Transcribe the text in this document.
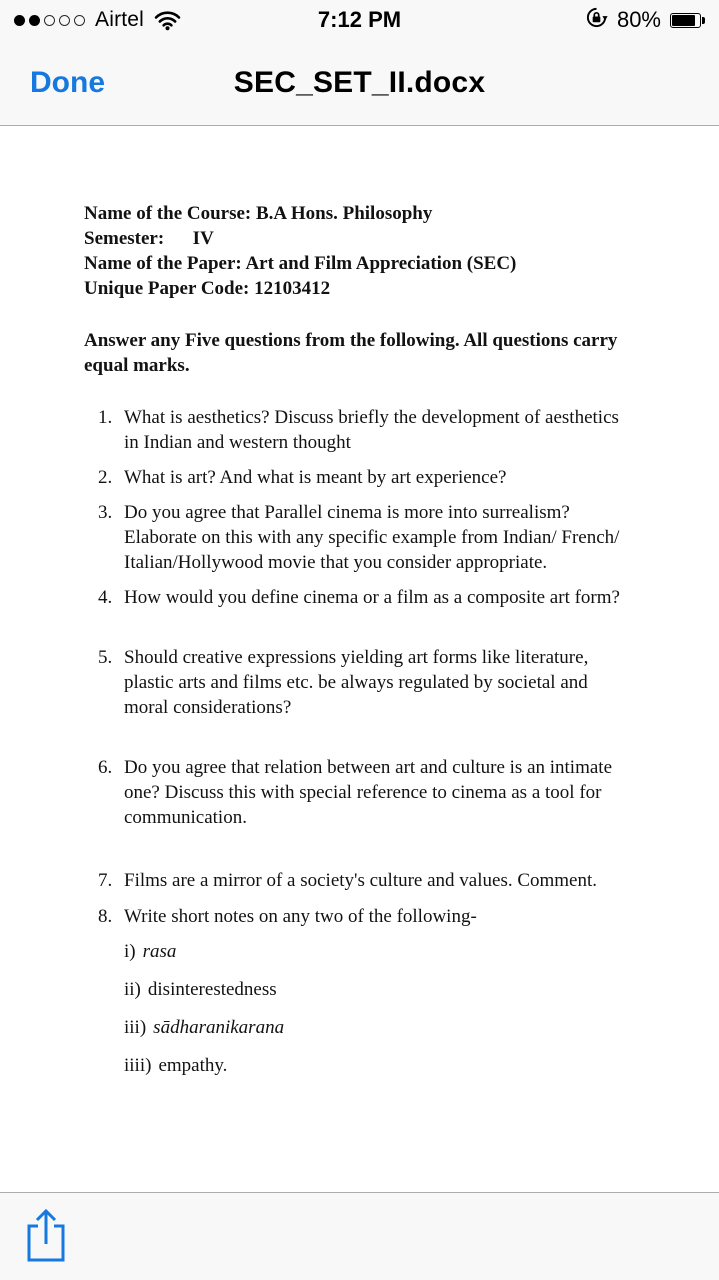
Airtel	7:12 PM	80%
Done	SEC_SET_II.docx
Name of the Course: B.A Hons. Philosophy
Semester:      IV
Name of the Paper: Art and Film Appreciation (SEC)
Unique Paper Code: 12103412
Answer any Five questions from the following. All questions carry equal marks.
1. What is aesthetics? Discuss briefly the development of aesthetics in Indian and western thought
2. What is art? And what is meant by art experience?
3. Do you agree that Parallel cinema is more into surrealism? Elaborate on this with any specific example from Indian/ French/ Italian/Hollywood movie that you consider appropriate.
4. How would you define cinema or a film as a composite art form?
5. Should creative expressions yielding art forms like literature, plastic arts and films etc. be always regulated by societal and moral considerations?
6. Do you agree that relation between art and culture is an intimate one? Discuss this with special reference to cinema as a tool for communication.
7. Films are a mirror of a society's culture and values. Comment.
8. Write short notes on any two of the following-
i) rasa
ii) disinterestedness
iii) sādharanikarana
iiii) empathy.
